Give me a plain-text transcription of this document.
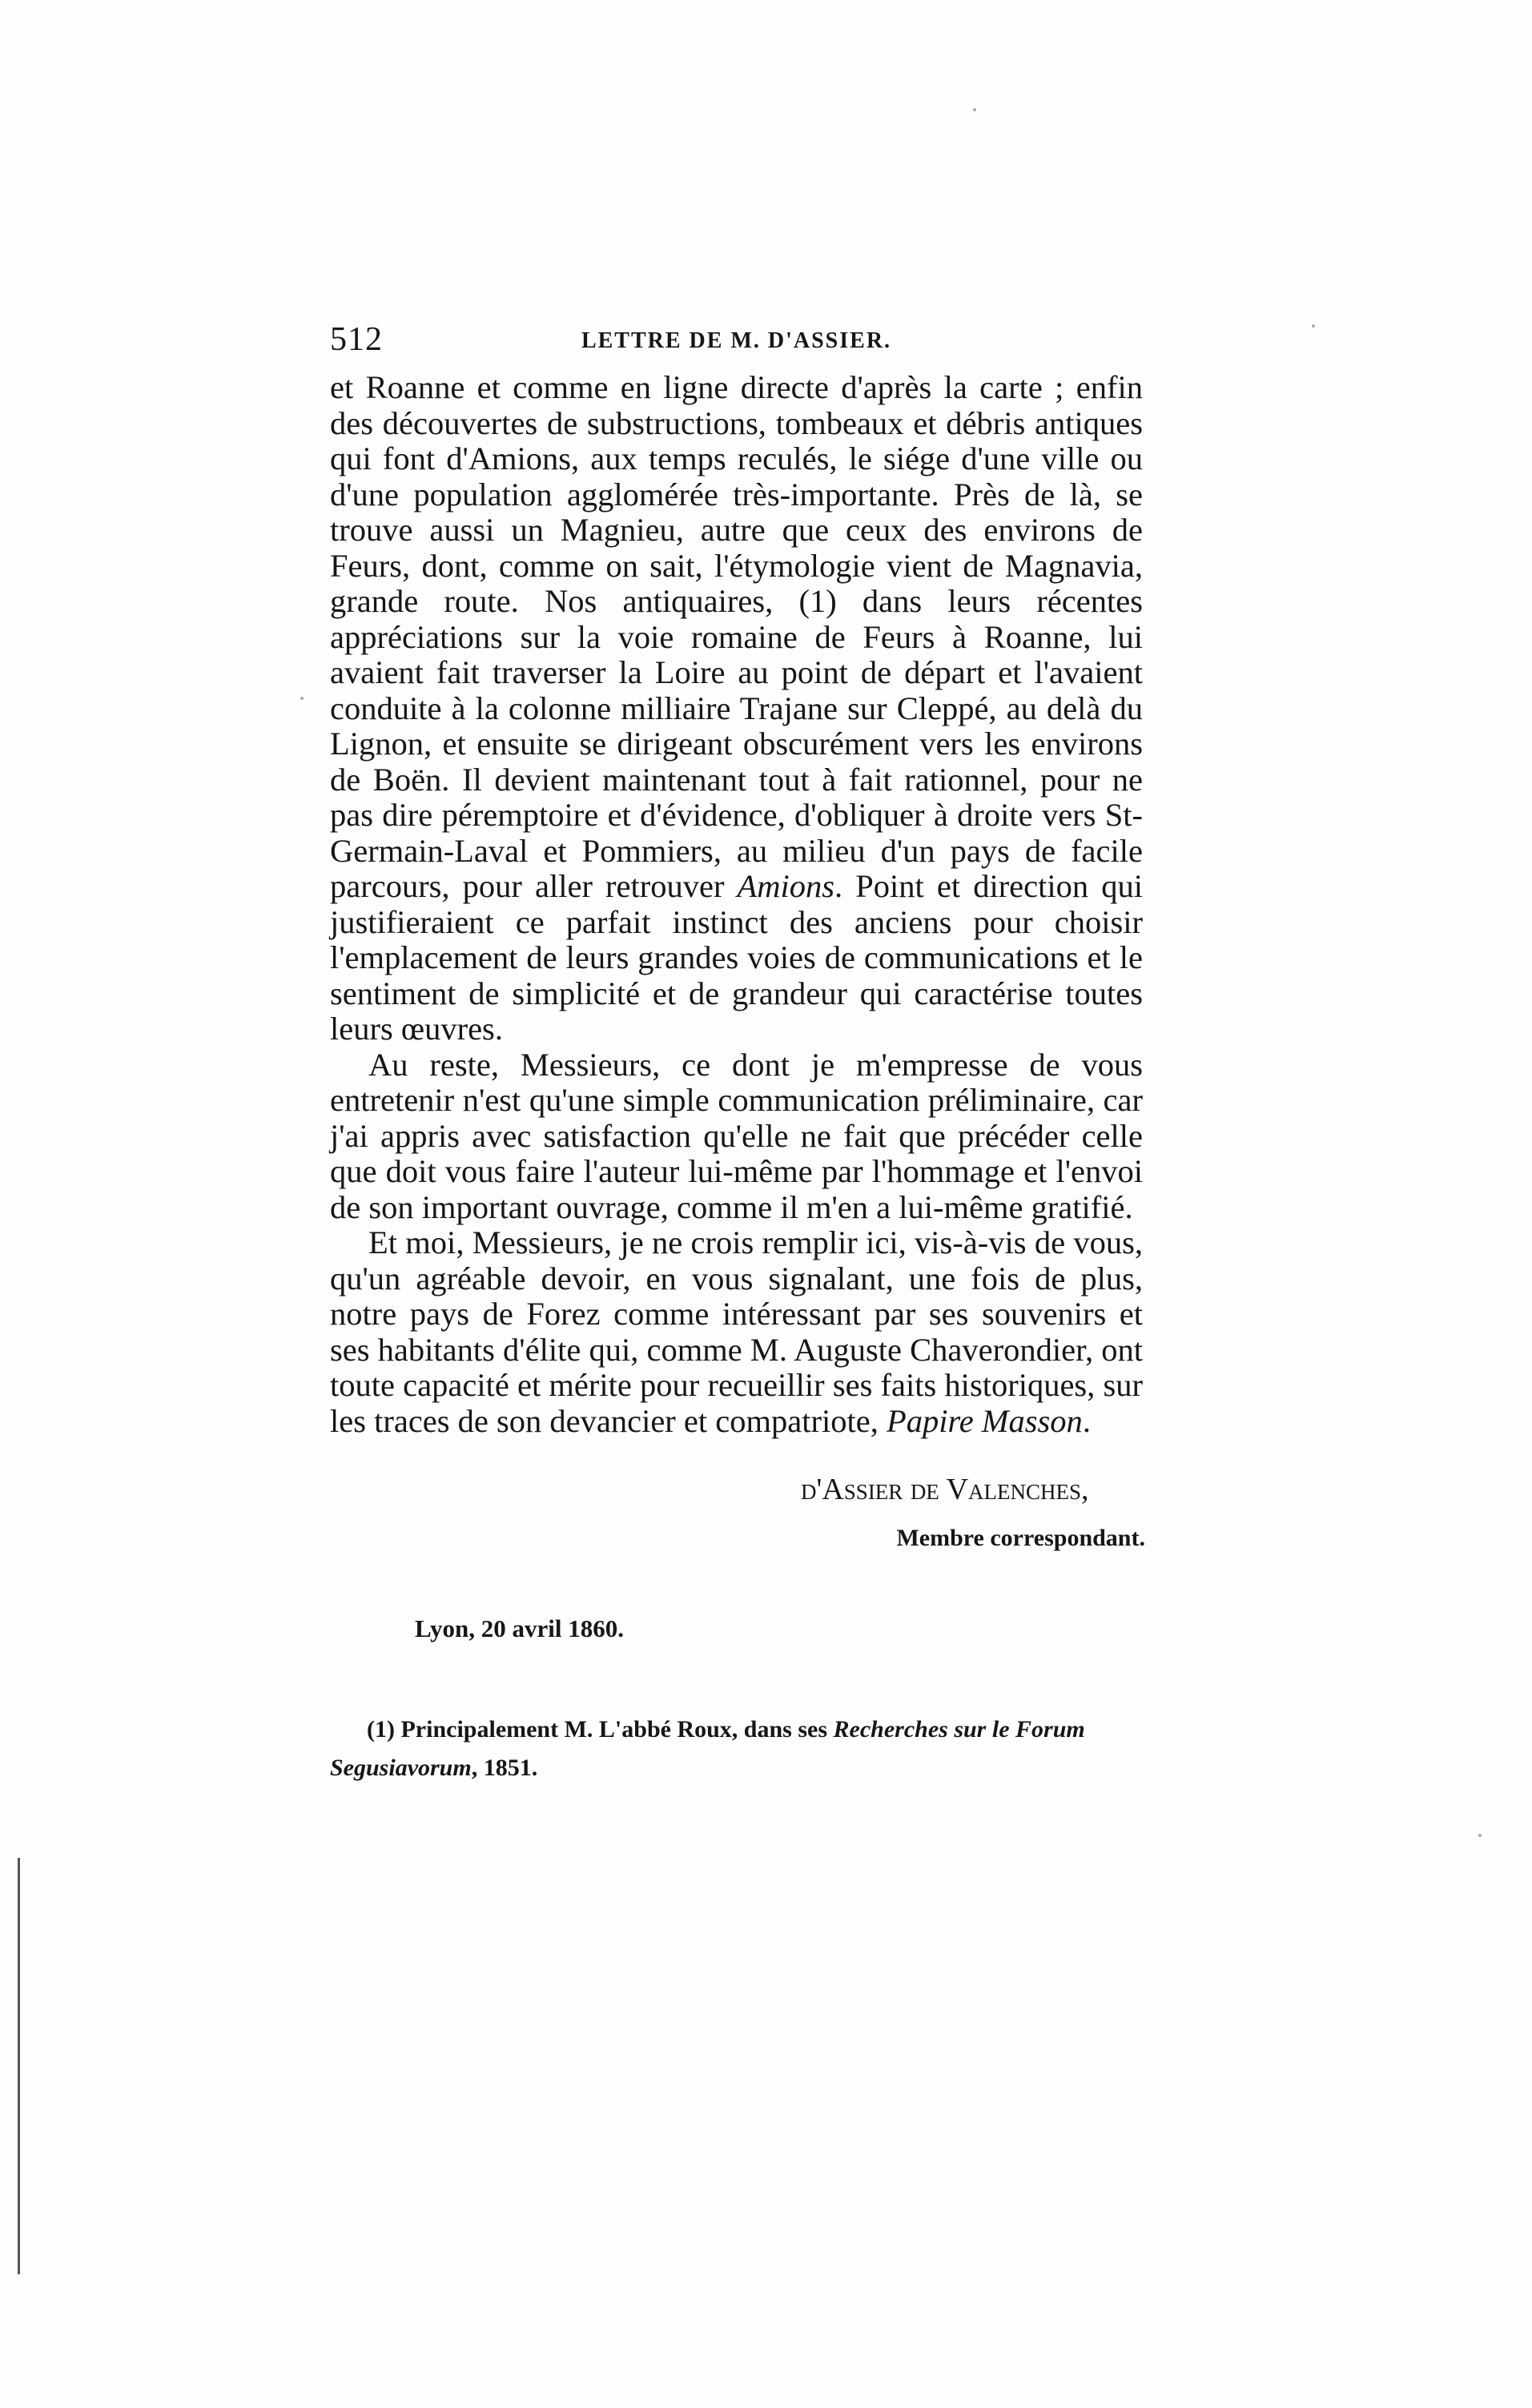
512	LETTRE DE M. D'ASSIER.

et Roanne et comme en ligne directe d'après la carte ; enfin des découvertes de substructions, tombeaux et débris antiques qui font d'Amions, aux temps reculés, le siége d'une ville ou d'une population agglomérée très-importante. Près de là, se trouve aussi un Magnieu, autre que ceux des environs de Feurs, dont, comme on sait, l'étymologie vient de Magnavia, grande route. Nos antiquaires, (1) dans leurs récentes appréciations sur la voie romaine de Feurs à Roanne, lui avaient fait traverser la Loire au point de départ et l'avaient conduite à la colonne milliaire Trajane sur Cleppé, au delà du Lignon, et ensuite se dirigeant obscurément vers les environs de Boën. Il devient maintenant tout à fait rationnel, pour ne pas dire péremptoire et d'évidence, d'obliquer à droite vers St-Germain-Laval et Pommiers, au milieu d'un pays de facile parcours, pour aller retrouver Amions. Point et direction qui justifieraient ce parfait instinct des anciens pour choisir l'emplacement de leurs grandes voies de communications et le sentiment de simplicité et de grandeur qui caractérise toutes leurs œuvres.

Au reste, Messieurs, ce dont je m'empresse de vous entretenir n'est qu'une simple communication préliminaire, car j'ai appris avec satisfaction qu'elle ne fait que précéder celle que doit vous faire l'auteur lui-même par l'hommage et l'envoi de son important ouvrage, comme il m'en a lui-même gratifié.

Et moi, Messieurs, je ne crois remplir ici, vis-à-vis de vous, qu'un agréable devoir, en vous signalant, une fois de plus, notre pays de Forez comme intéressant par ses souvenirs et ses habitants d'élite qui, comme M. Auguste Chaverondier, ont toute capacité et mérite pour recueillir ses faits historiques, sur les traces de son devancier et compatriote, Papire Masson.

d'Assier de Valenches,

Membre correspondant.

Lyon, 20 avril 1860.

(1) Principalement M. L'abbé Roux, dans ses Recherches sur le Forum
Segusiavorum, 1851.
